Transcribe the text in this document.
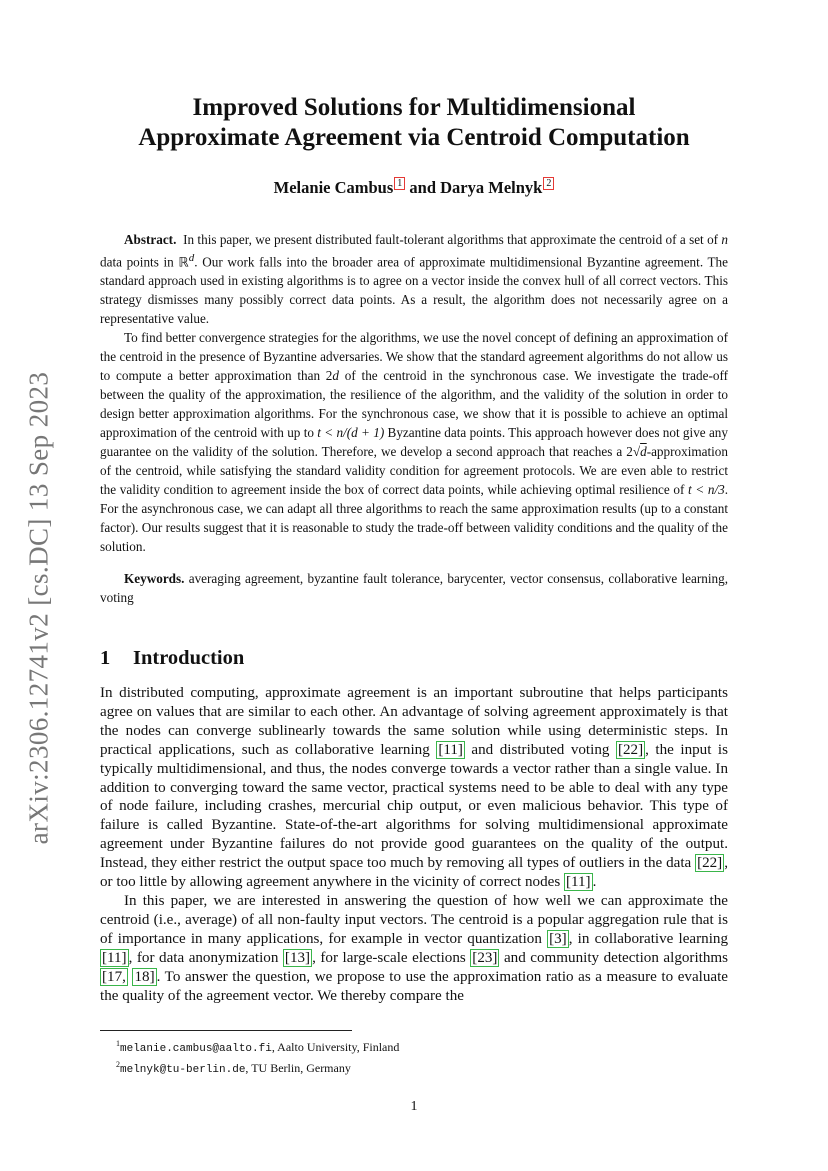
arXiv:2306.12741v2 [cs.DC] 13 Sep 2023
Improved Solutions for Multidimensional
Approximate Agreement via Centroid Computation
Melanie Cambus 1 and Darya Melnyk 2

Abstract. In this paper, we present distributed fault-tolerant algorithms that approximate the centroid of a set of n data points in ℝ$^d$. Our work falls into the broader area of approximate multidimensional Byzantine agreement. The standard approach used in existing algorithms is to agree on a vector inside the convex hull of all correct vectors. This strategy dismisses many possibly correct data points. As a result, the algorithm does not necessarily agree on a representative value.

To find better convergence strategies for the algorithms, we use the novel concept of defining an approximation of the centroid in the presence of Byzantine adversaries. We show that the standard agreement algorithms do not allow us to compute a better approximation than 2d of the centroid in the synchronous case. We investigate the trade-off between the quality of the approximation, the resilience of the algorithm, and the validity of the solution in order to design better approximation algorithms. For the synchronous case, we show that it is possible to achieve an optimal approximation of the centroid with up to t < n/(d + 1) Byzantine data points. This approach however does not give any guarantee on the validity of the solution. Therefore, we develop a second approach that reaches a 2√d-approximation of the centroid, while satisfying the standard validity condition for agreement protocols. We are even able to restrict the validity condition to agreement inside the box of correct data points, while achieving optimal resilience of t < n/3. For the asynchronous case, we can adapt all three algorithms to reach the same approximation results (up to a constant factor). Our results suggest that it is reasonable to study the trade-off between validity conditions and the quality of the solution.

Keywords. averaging agreement, byzantine fault tolerance, barycenter, vector consensus, collaborative learning, voting

1 Introduction

In distributed computing, approximate agreement is an important subroutine that helps participants agree on values that are similar to each other. An advantage of solving agreement approximately is that the nodes can converge sublinearly towards the same solution while using deterministic steps. In practical applications, such as collaborative learning [11] and distributed voting [22] , the input is typically multidimensional, and thus, the nodes converge towards a vector rather than a single value. In addition to converging toward the same vector, practical systems need to be able to deal with any type of node failure, including crashes, mercurial chip output, or even malicious behavior. This type of failure is called Byzantine. State-of-the-art algorithms for solving multidimensional approximate agreement under Byzantine failures do not provide good guarantees on the quality of the output. Instead, they either restrict the output space too much by removing all types of outliers in the data [22] , or too little by allowing agreement anywhere in the vicinity of correct nodes [11] .

In this paper, we are interested in answering the question of how well we can approximate the centroid (i.e., average) of all non-faulty input vectors. The centroid is a popular aggregation rule that is of importance in many applications, for example in vector quantization [3] , in collaborative learning [11] , for data anonymization [13] , for large-scale elections [23] and community detection algorithms [17, 18] . To answer the question, we propose to use the approximation ratio as a measure to evaluate the quality of the agreement vector. We thereby compare the

$^1$melanie.cambus@aalto.fi, Aalto University, Finland
$^2$melnyk@tu-berlin.de, TU Berlin, Germany
1
